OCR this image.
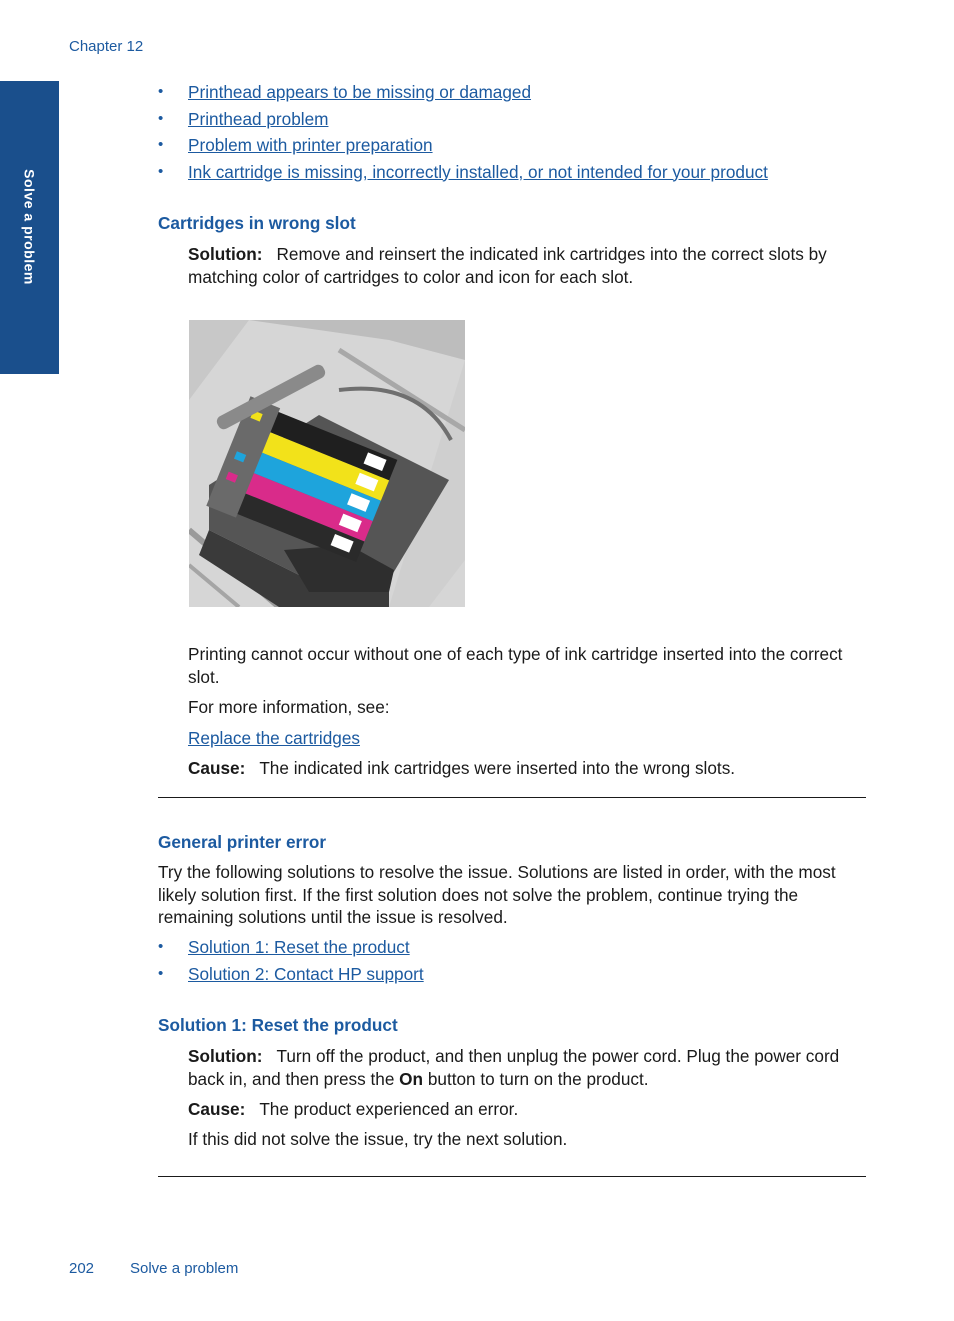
Chapter 12
Solve a problem
• Printhead appears to be missing or damaged
• Printhead problem
• Problem with printer preparation
• Ink cartridge is missing, incorrectly installed, or not intended for your product
Cartridges in wrong slot
Solution: Remove and reinsert the indicated ink cartridges into the correct slots by matching color of cartridges to color and icon for each slot.
Printing cannot occur without one of each type of ink cartridge inserted into the correct slot.
For more information, see:
Replace the cartridges
Cause: The indicated ink cartridges were inserted into the wrong slots.
General printer error
Try the following solutions to resolve the issue. Solutions are listed in order, with the most likely solution first. If the first solution does not solve the problem, continue trying the remaining solutions until the issue is resolved.
• Solution 1: Reset the product
• Solution 2: Contact HP support
Solution 1: Reset the product
Solution: Turn off the product, and then unplug the power cord. Plug the power cord back in, and then press the On button to turn on the product.
Cause: The product experienced an error.
If this did not solve the issue, try the next solution.
202 Solve a problem
